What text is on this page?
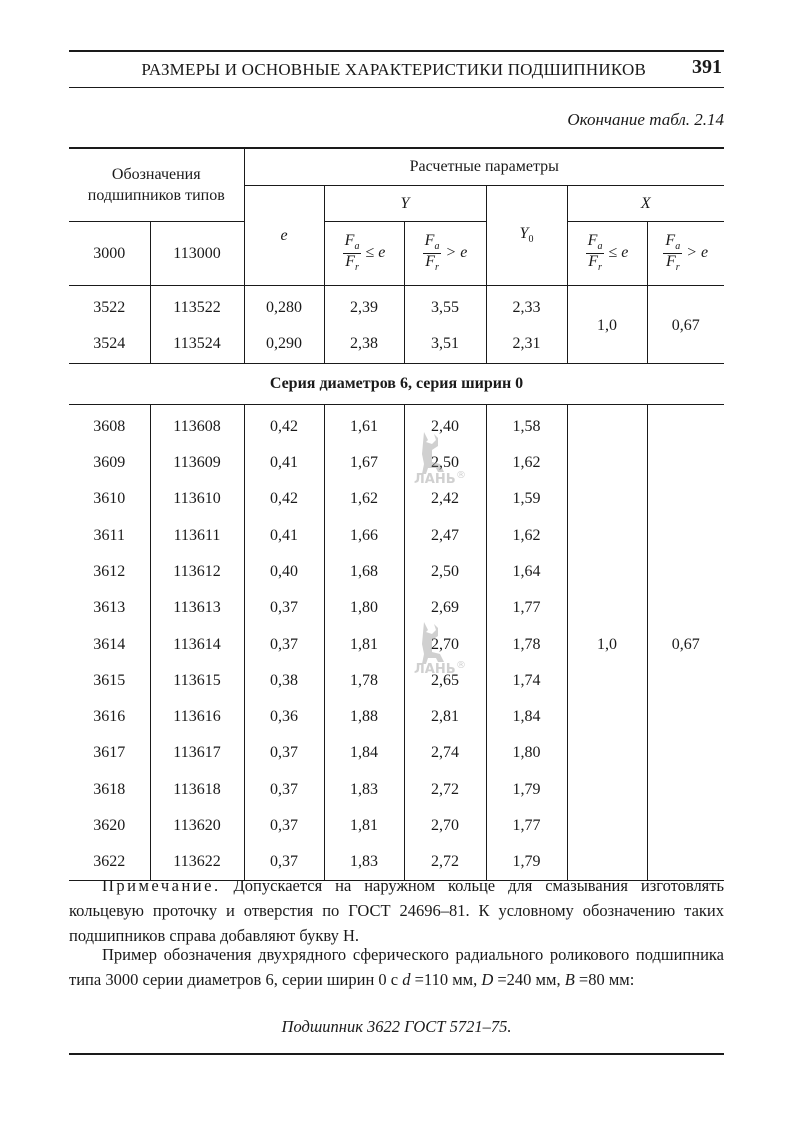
РАЗМЕРЫ И ОСНОВНЫЕ ХАРАКТЕРИСТИКИ ПОДШИПНИКОВ 391
Окончание табл. 2.14
Обозначения подшипников типов		Расчетные параметры					
		e	Y		$Y_0$	X	
3000	113000		$\frac{F_a}{F_r} \le e$	$\frac{F_a}{F_r} > e$		$\frac{F_a}{F_r} \le e$	$\frac{F_a}{F_r} > e$
3522	113522	0,280	2,39	3,55	2,33	1,0	0,67
3524	113524	0,290	2,38	3,51	2,31		
Серия диаметров 6, серия ширин 0							
3608	113608	0,42	1,61	2,40	1,58	1,0	0,67
3609	113609	0,41	1,67	2,50	1,62		
3610	113610	0,42	1,62	2,42	1,59		
3611	113611	0,41	1,66	2,47	1,62		
3612	113612	0,40	1,68	2,50	1,64		
3613	113613	0,37	1,80	2,69	1,77		
3614	113614	0,37	1,81	2,70	1,78		
3615	113615	0,38	1,78	2,65	1,74		
3616	113616	0,36	1,88	2,81	1,84		
3617	113617	0,37	1,84	2,74	1,80		
3618	113618	0,37	1,83	2,72	1,79		
3620	113620	0,37	1,81	2,70	1,77		
3622	113622	0,37	1,83	2,72	1,79		
ЛАНЬ ®
ЛАНЬ ®
Примечание. Допускается на наружном кольце для смазывания изготовлять кольцевую проточку и отверстия по ГОСТ 24696–81. К условному обозначению таких подшипников справа добавляют букву Н.
Пример обозначения двухрядного сферического радиального роликового подшипника типа 3000 серии диаметров 6, серии ширин 0 с d =110 мм, D =240 мм, B =80 мм:
Подшипник 3622 ГОСТ 5721–75.
